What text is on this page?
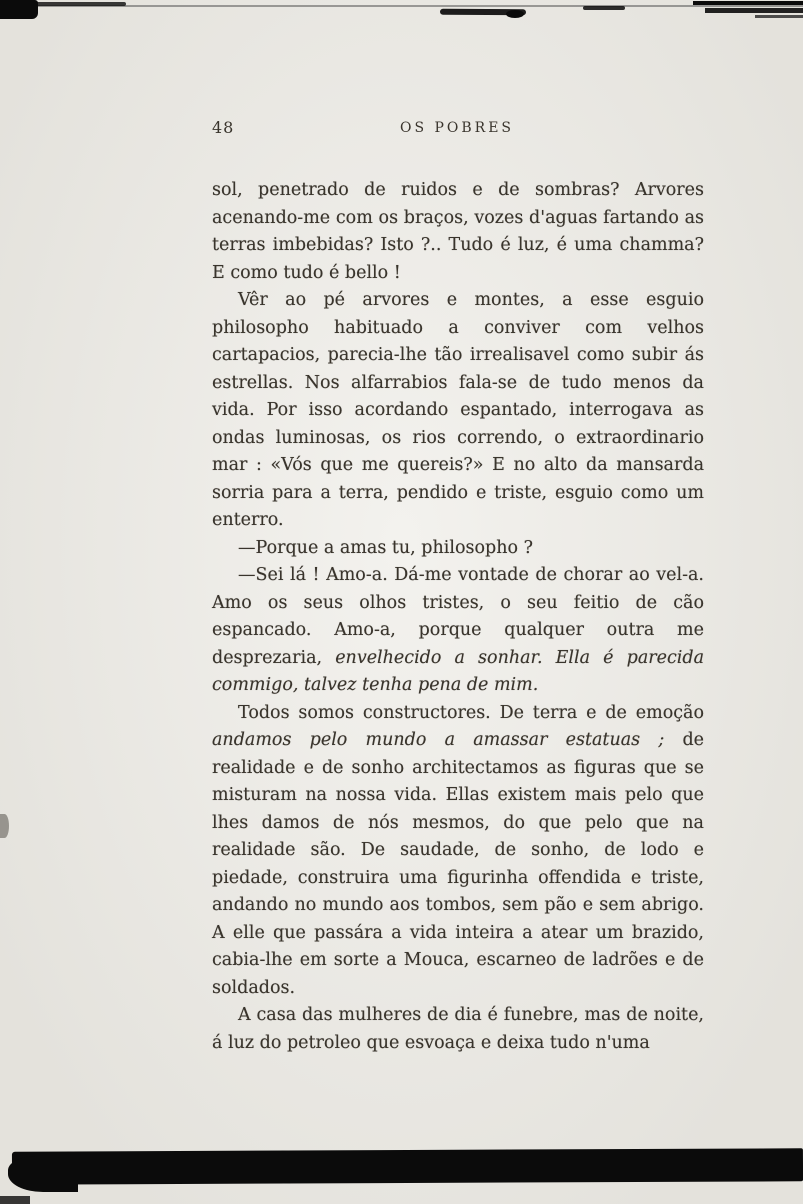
48	OS POBRES

sol, penetrado de ruidos e de sombras? Arvores acenando-me com os braços, vozes d'aguas fartando as terras imbebidas? Isto ?.. Tudo é luz, é uma chamma? E como tudo é bello !

Vêr ao pé arvores e montes, a esse esguio philosopho habituado a conviver com velhos cartapacios, parecia-lhe tão irrealisavel como subir ás estrellas. Nos alfarrabios fala-se de tudo menos da vida. Por isso acordando espantado, interrogava as ondas luminosas, os rios correndo, o extraordinario mar : «Vós que me quereis?» E no alto da mansarda sorria para a terra, pendido e triste, esguio como um enterro.

—Porque a amas tu, philosopho ?

—Sei lá ! Amo-a. Dá-me vontade de chorar ao vel-a. Amo os seus olhos tristes, o seu feitio de cão espancado. Amo-a, porque qualquer outra me desprezaria, envelhecido a sonhar. Ella é parecida commigo, talvez tenha pena de mim.

Todos somos constructores. De terra e de emoção andamos pelo mundo a amassar estatuas ; de realidade e de sonho architectamos as figuras que se misturam na nossa vida. Ellas existem mais pelo que lhes damos de nós mesmos, do que pelo que na realidade são. De saudade, de sonho, de lodo e piedade, construira uma figurinha offendida e triste, andando no mundo aos tombos, sem pão e sem abrigo. A elle que passára a vida inteira a atear um brazido, cabia-lhe em sorte a Mouca, escarneo de ladrões e de soldados.

A casa das mulheres de dia é funebre, mas de noite, á luz do petroleo que esvoaça e deixa tudo n'uma
